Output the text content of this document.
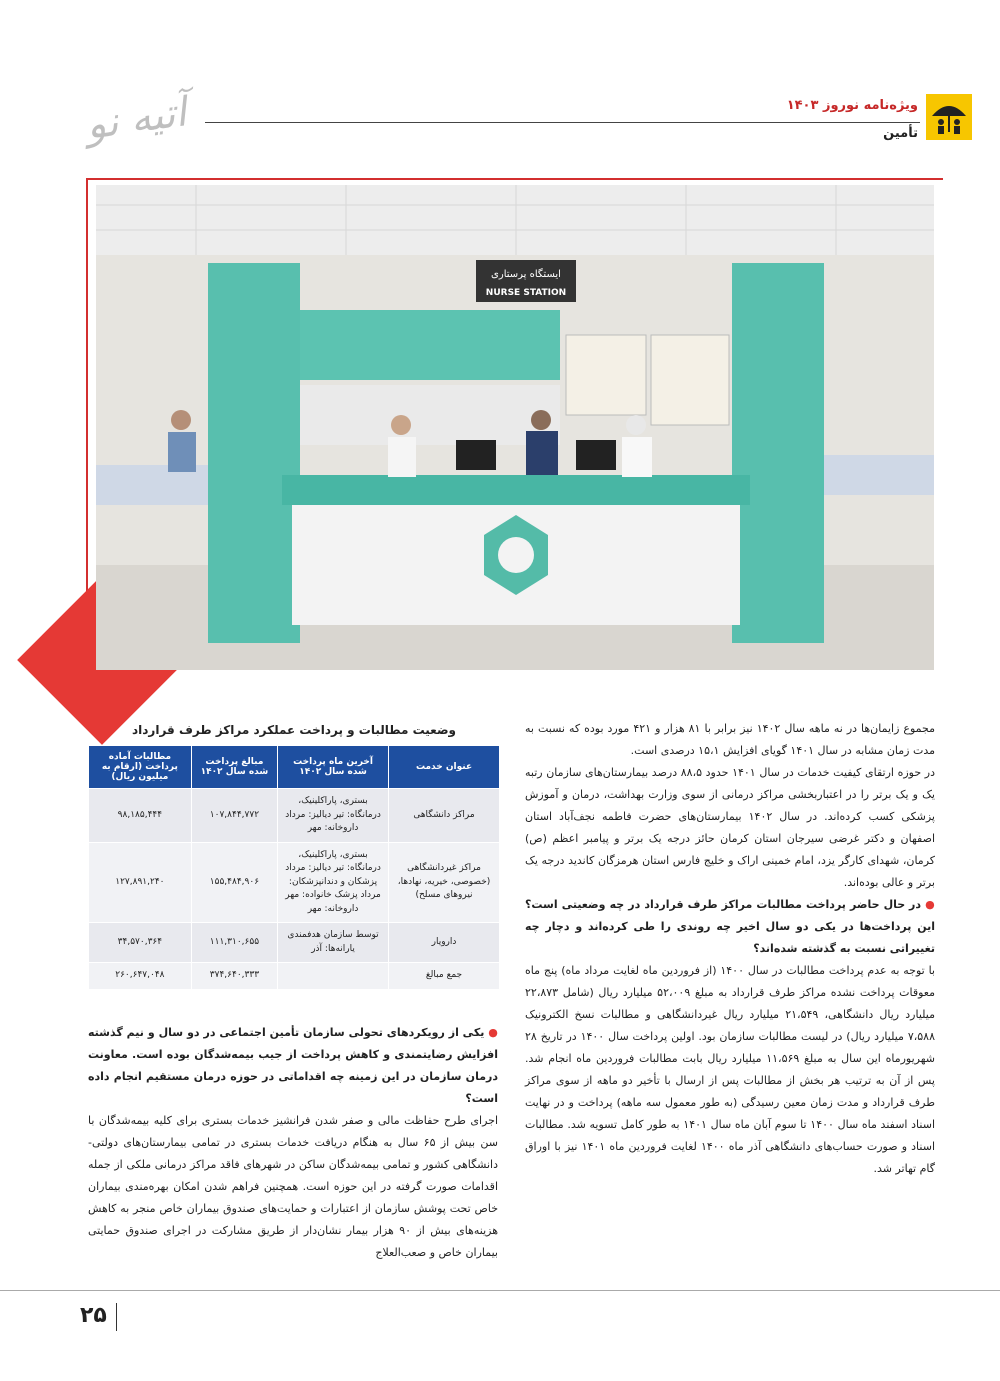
آتیه نو	ویژه‌نامه نوروز ۱۴۰۳
تأمین
ایستگاه پرستاری
NURSE STATION
وضعیت مطالبات و پرداخت عملکرد مراکز طرف قرارداد
عنوان خدمت	آخرین ماه پرداخت شده سال ۱۴۰۲	مبالغ پرداخت شده سال ۱۴۰۲	مطالبات آماده پرداخت (ارقام به میلیون ریال)
مراکز دانشگاهی	بستری، پاراکلینیک، درمانگاه: تیر دیالیز: مرداد داروخانه: مهر	۱۰۷,۸۴۴,۷۷۲	۹۸,۱۸۵,۴۴۴
مراکز غیردانشگاهی (خصوصی، خیریه، نهادها، نیروهای مسلح)	بستری، پاراکلینیک، درمانگاه: تیر دیالیز: مرداد پزشکان و دندانپزشکان: مرداد پزشک خانواده: مهر داروخانه: مهر	۱۵۵,۴۸۴,۹۰۶	۱۲۷,۸۹۱,۲۴۰
دارویار	توسط سازمان هدفمندی یارانه‌ها: آذر	۱۱۱,۳۱۰,۶۵۵	۳۴,۵۷۰,۳۶۴
جمع مبالغ		۳۷۴,۶۴۰,۳۳۳	۲۶۰,۶۴۷,۰۴۸

مجموع زایمان‌ها در نه ماهه سال ۱۴۰۲ نیز برابر با ۸۱ هزار و ۴۲۱ مورد بوده که نسبت به مدت زمان مشابه در سال ۱۴۰۱ گویای افزایش ۱۵،۱ درصدی است.

در حوزه ارتقای کیفیت خدمات در سال ۱۴۰۱ حدود ۸۸،۵ درصد بیمارستان‌های سازمان رتبه یک و یک برتر را در اعتباربخشی مراکز درمانی از سوی وزارت بهداشت، درمان و آموزش پزشکی کسب کرده‌اند. در سال ۱۴۰۲ بیمارستان‌های حضرت فاطمه نجف‌آباد استان اصفهان و دکتر غرضی سیرجان استان کرمان حائز درجه یک برتر و پیامبر اعظم (ص) کرمان، شهدای کارگر یزد، امام خمینی اراک و خلیج فارس استان هرمزگان کاندید درجه یک برتر و عالی بوده‌اند.

● در حال حاضر پرداخت مطالبات مراکز طرف قرارداد در چه وضعیتی است؟ این پرداخت‌ها در یکی دو سال اخیر چه روندی را طی کرده‌اند و دچار چه تغییراتی نسبت به گذشته شده‌اند؟

با توجه به عدم پرداخت مطالبات در سال ۱۴۰۰ (از فروردین ماه لغایت مرداد ماه) پنج ماه معوقات پرداخت نشده مراکز طرف قرارداد به مبلغ ۵۲،۰۰۹ میلیارد ریال (شامل ۲۲،۸۷۳ میلیارد ریال دانشگاهی، ۲۱،۵۴۹ میلیارد ریال غیردانشگاهی و مطالبات نسخ الکترونیک ۷،۵۸۸ میلیارد ریال) در لیست مطالبات سازمان بود. اولین پرداخت سال ۱۴۰۰ در تاریخ ۲۸ شهریورماه این سال به مبلغ ۱۱،۵۶۹ میلیارد ریال بابت مطالبات فروردین ماه انجام شد. پس از آن به ترتیب هر بخش از مطالبات پس از ارسال با تأخیر دو ماهه از سوی مراکز طرف قرارداد و مدت زمان معین رسیدگی (به طور معمول سه ماهه) پرداخت و در نهایت اسناد اسفند ماه سال ۱۴۰۰ تا سوم آبان ماه سال ۱۴۰۱ به طور کامل تسویه شد. مطالبات اسناد و صورت حساب‌های دانشگاهی آذر ماه ۱۴۰۰ لغایت فروردین ماه ۱۴۰۱ نیز با اوراق گام تهاتر شد.

● یکی از رویکردهای تحولی سازمان تأمین اجتماعی در دو سال و نیم گذشته افزایش رضایتمندی و کاهش پرداخت از جیب بیمه‌شدگان بوده است. معاونت درمان سازمان در این زمینه چه اقداماتی در حوزه درمان مستقیم انجام داده است؟

اجرای طرح حفاظت مالی و صفر شدن فرانشیز خدمات بستری برای کلیه بیمه‌شدگان با سن بیش از ۶۵ سال به هنگام دریافت خدمات بستری در تمامی بیمارستان‌های دولتی-دانشگاهی کشور و تمامی بیمه‌شدگان ساکن در شهرهای فاقد مراکز درمانی ملکی از جمله اقدامات صورت گرفته در این حوزه است. همچنین فراهم شدن امکان بهره‌مندی بیماران خاص تحت پوشش سازمان از اعتبارات و حمایت‌های صندوق بیماران خاص منجر به کاهش هزینه‌های بیش از ۹۰ هزار بیمار نشان‌دار از طریق مشارکت در اجرای صندوق حمایتی بیماران خاص و صعب‌العلاج

۲۵
